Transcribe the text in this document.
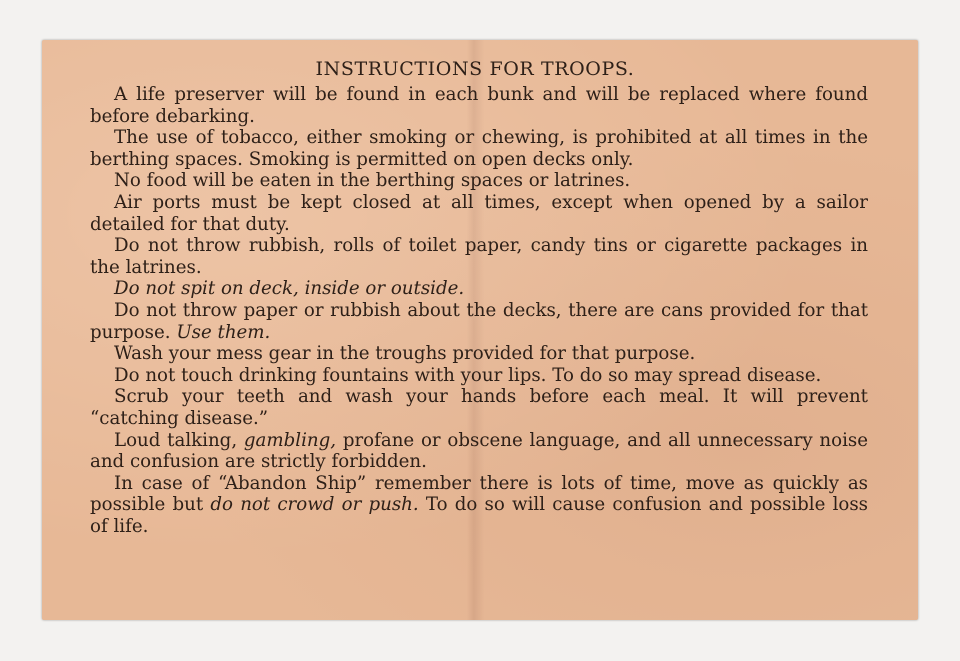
INSTRUCTIONS FOR TROOPS.

A life preserver will be found in each bunk and will be replaced where found before debarking.

The use of tobacco, either smoking or chewing, is prohibited at all times in the berthing spaces. Smoking is permitted on open decks only.

No food will be eaten in the berthing spaces or latrines.

Air ports must be kept closed at all times, except when opened by a sailor detailed for that duty.

Do not throw rubbish, rolls of toilet paper, candy tins or cigarette packages in the latrines.

Do not spit on deck, inside or outside.

Do not throw paper or rubbish about the decks, there are cans provided for that purpose. Use them.

Wash your mess gear in the troughs provided for that purpose.

Do not touch drinking fountains with your lips. To do so may spread disease.

Scrub your teeth and wash your hands before each meal. It will prevent “catching disease.”

Loud talking, gambling, profane or obscene language, and all unnecessary noise and confusion are strictly forbidden.

In case of “Abandon Ship” remember there is lots of time, move as quickly as possible but do not crowd or push. To do so will cause confusion and possible loss of life.
